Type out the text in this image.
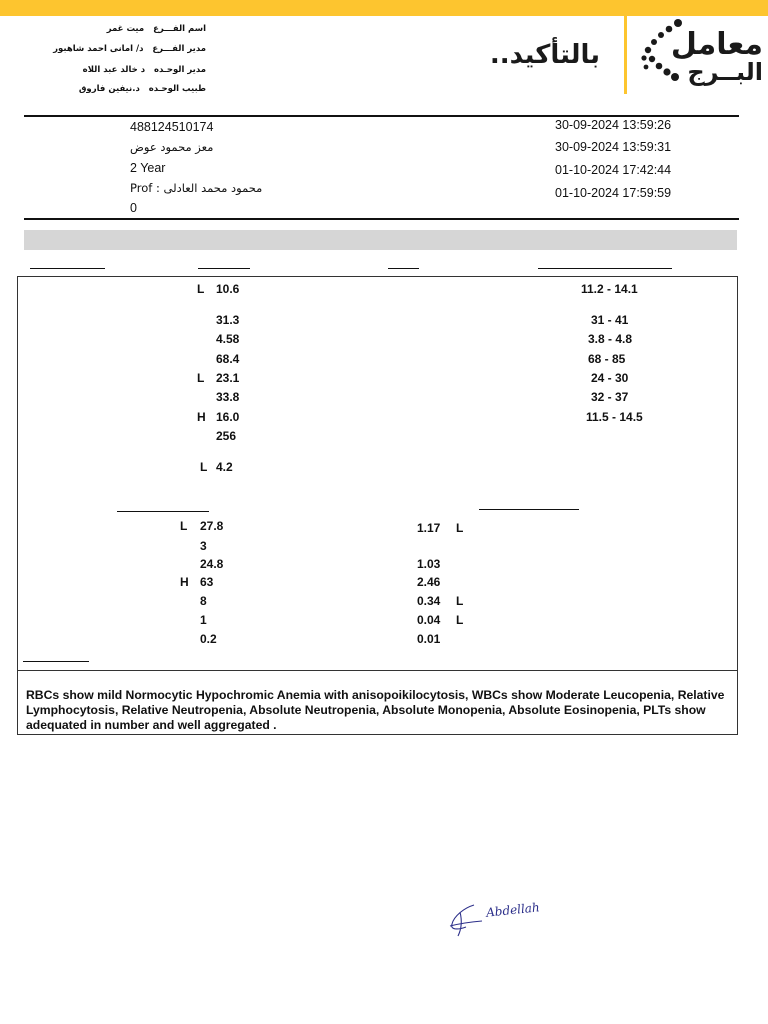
اسم الفـــرع   ميت غمر
مدير الفـــرع   د/ امانى احمد شاهبور
مدير الوحـده   د خالد عبد اللاه
طبيب الوحـده   د.نيفين فاروق
بالتأكيد.. معامل
البــرج
488124510174
معز محمود عوض
2 Year
Prof : محمود محمد العادلى
0
30-09-2024 13:59:26
30-09-2024 13:59:31
01-10-2024 17:42:44
01-10-2024 17:59:59
L 10.6	11.2 - 14.1
31.3	31 - 41
4.58	3.8 - 4.8
68.4	68 - 85
L 23.1	24 - 30
33.8	32 - 37
H 16.0	11.5 - 14.5
256
L 4.2
L 27.8	1.17 L
3
24.8	1.03
H 63	2.46
8	0.34 L
1	0.04 L
0.2	0.01
RBCs show mild Normocytic Hypochromic Anemia with anisopoikilocytosis, WBCs show Moderate Leucopenia, Relative Lymphocytosis, Relative Neutropenia, Absolute Neutropenia, Absolute Monopenia, Absolute Eosinopenia, PLTs show adequated in number and well aggregated .
Abdellah
